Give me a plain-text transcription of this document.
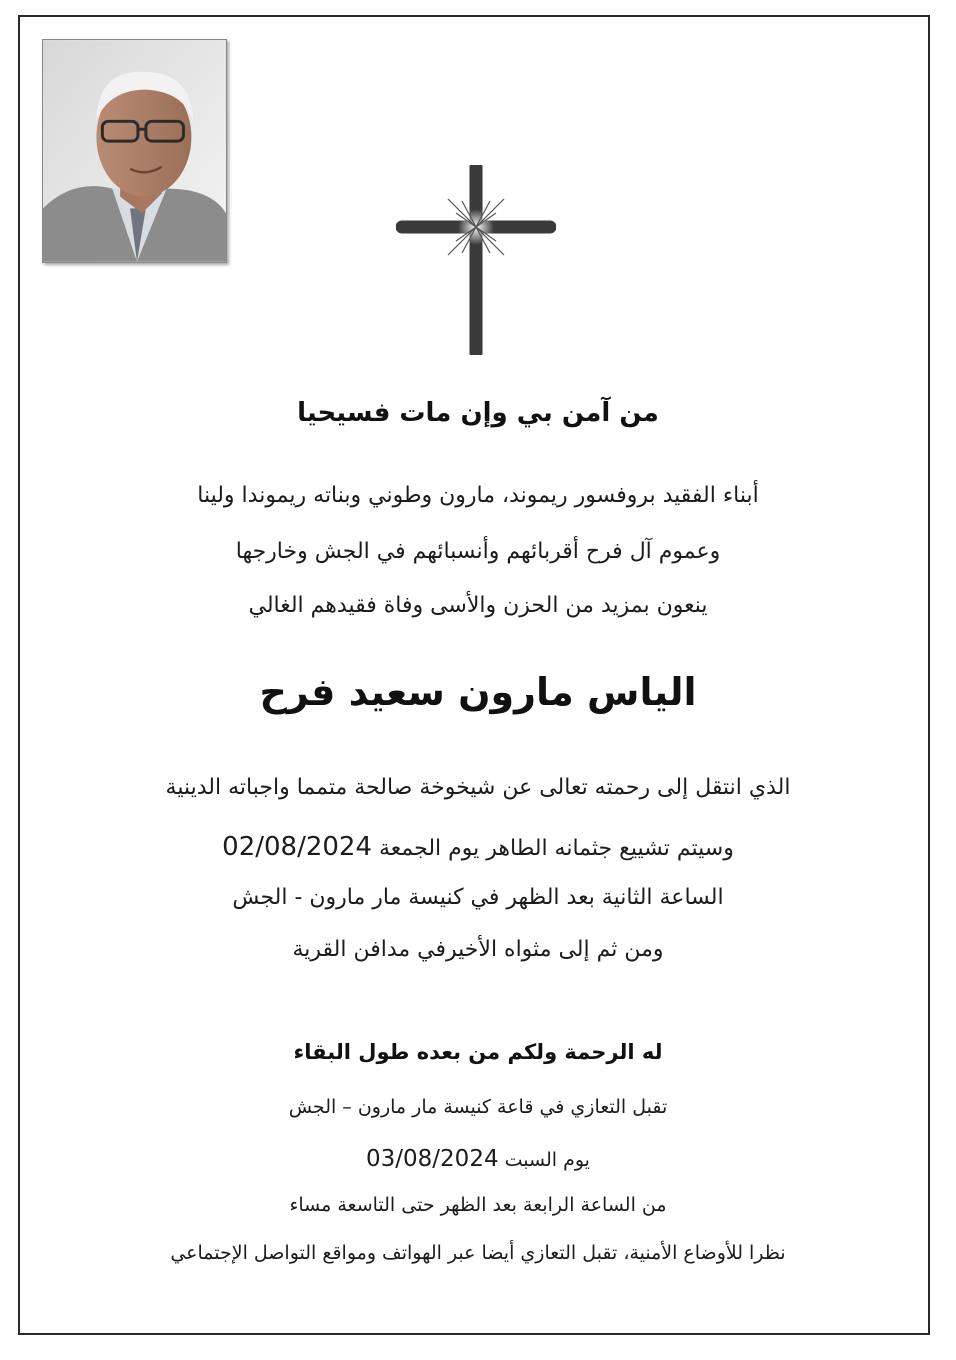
من آمن بي وإن مات فسيحيا
أبناء الفقيد بروفسور ريموند، مارون وطوني وبناته ريموندا ولينا
وعموم آل فرح أقربائهم وأنسبائهم في الجش وخارجها
ينعون بمزيد من الحزن والأسى وفاة فقيدهم الغالي
الياس مارون سعيد فرح
الذي انتقل إلى رحمته تعالى عن شيخوخة صالحة متمما واجباته الدينية
وسيتم تشييع جثمانه الطاهر يوم الجمعة 02/08/2024
الساعة الثانية بعد الظهر في كنيسة مار مارون - الجش
ومن ثم إلى مثواه الأخيرفي مدافن القرية
له الرحمة ولكم من بعده طول البقاء
تقبل التعازي في قاعة كنيسة مار مارون – الجش
يوم السبت 03/08/2024
من الساعة الرابعة بعد الظهر حتى التاسعة مساء
نظرا للأوضاع الأمنية، تقبل التعازي أيضا عبر الهواتف ومواقع التواصل الإجتماعي
